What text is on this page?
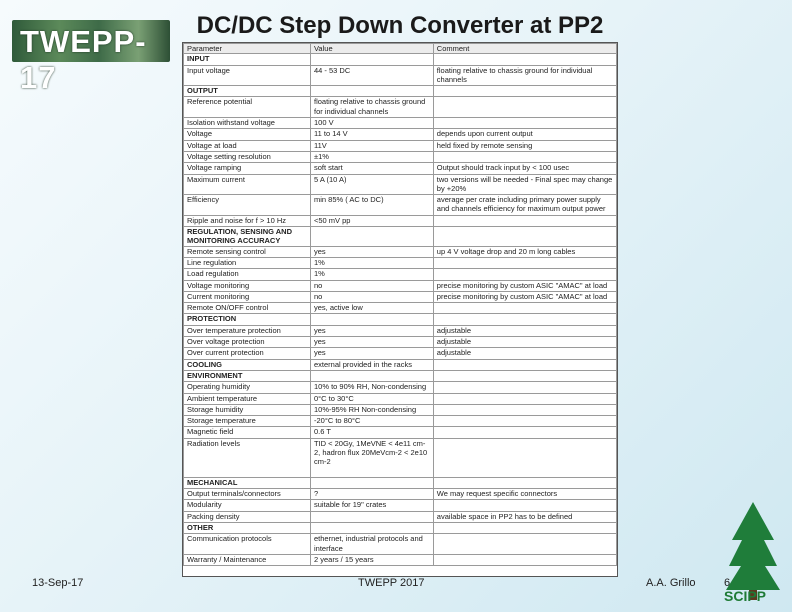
TWEPP-17
DC/DC Step Down Converter at PP2
Parameter	Value	Comment
INPUT		
Input voltage	44 - 53 DC	floating relative to chassis ground for individual channels
OUTPUT		
Reference potential	floating relative to chassis ground for individual channels	
Isolation withstand voltage	100 V	
Voltage	11 to 14 V	depends upon current output
Voltage at load	11V	held fixed by remote sensing
Voltage setting resolution	±1%	
Voltage ramping	soft start	Output should track input by < 100 usec
Maximum current	5 A (10 A)	two versions will be needed - Final spec may change by +20%
Efficiency	min 85% ( AC to DC)	average per crate including primary power supply and channels efficiency for maximum output power
Ripple and noise for f > 10 Hz	<50 mV pp	
REGULATION, SENSING AND MONITORING ACCURACY		
Remote sensing control	yes	up 4 V voltage drop and 20 m long cables
Line regulation	1%	
Load regulation	1%	
Voltage monitoring	no	precise monitoring by custom ASIC "AMAC" at load
Current monitoring	no	precise monitoring by custom ASIC "AMAC" at load
Remote ON/OFF control	yes, active low	
PROTECTION		
Over temperature protection	yes	adjustable
Over voltage protection	yes	adjustable
Over current protection	yes	adjustable
COOLING	external provided in the racks	
ENVIRONMENT		
Operating humidity	10% to 90% RH, Non-condensing	
Ambient temperature	0°C to 30°C	
Storage humidity	10%-95% RH Non-condensing	
Storage temperature	-20°C to 80°C	
Magnetic field	0.6 T	
Radiation levels	TID < 20Gy, 1MeVNE < 4e11 cm-2, hadron flux 20MeVcm-2 < 2e10 cm-2	
MECHANICAL		
Output terminals/connectors	?	We may request specific connectors
Modularity	suitable for 19" crates	
Packing density		available space in PP2 has to be defined
OTHER		
Communication protocols	ethernet, industrial protocols and interface	
Warranty / Maintenance	2 years / 15 years	
13-Sep-17	TWEPP 2017	A.A. Grillo	6
SCIPP
